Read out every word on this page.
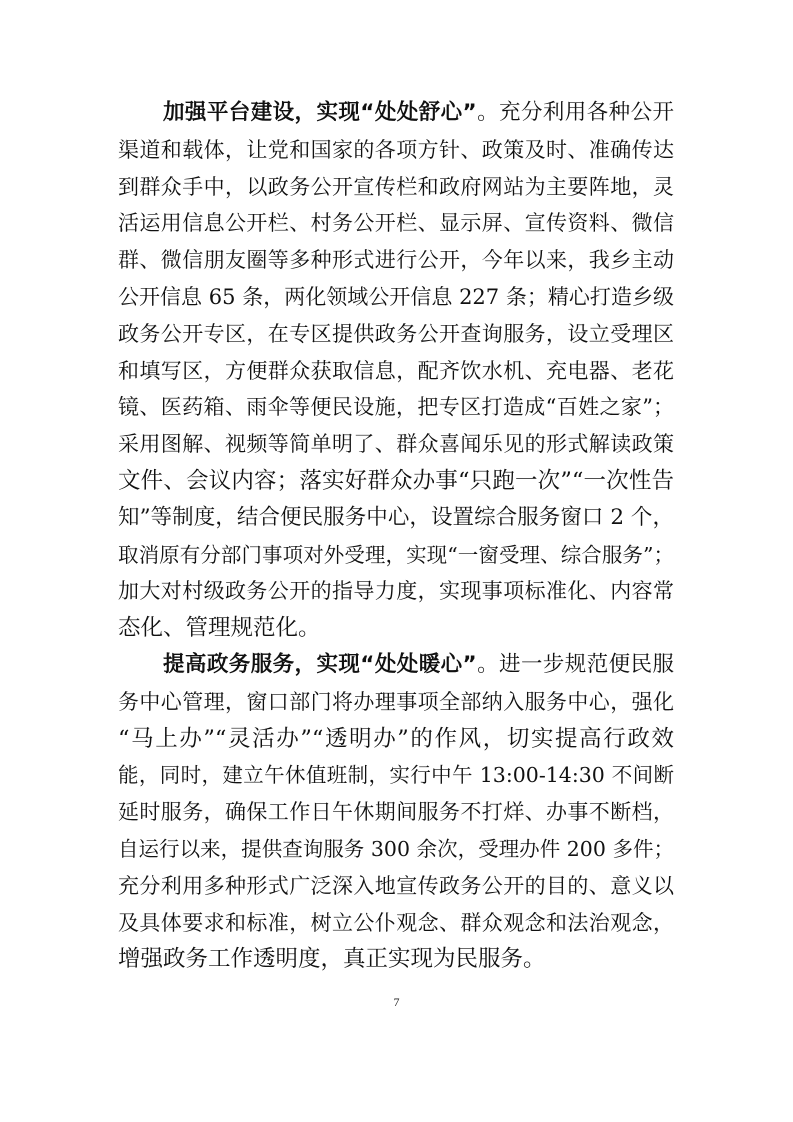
加强平台建设，实现“处处舒心”。充分利用各种公开
渠道和载体，让党和国家的各项方针、政策及时、准确传达
到群众手中，以政务公开宣传栏和政府网站为主要阵地，灵
活运用信息公开栏、村务公开栏、显示屏、宣传资料、微信
群、微信朋友圈等多种形式进行公开，今年以来，我乡主动
公开信息 65 条，两化领域公开信息 227 条；精心打造乡级
政务公开专区，在专区提供政务公开查询服务，设立受理区
和填写区，方便群众获取信息，配齐饮水机、充电器、老花
镜、医药箱、雨伞等便民设施，把专区打造成“百姓之家”；
采用图解、视频等简单明了、群众喜闻乐见的形式解读政策
文件、会议内容；落实好群众办事“只跑一次”“一次性告
知”等制度，结合便民服务中心，设置综合服务窗口 2 个，
取消原有分部门事项对外受理，实现“一窗受理、综合服务”；
加大对村级政务公开的指导力度，实现事项标准化、内容常
态化、管理规范化。
提高政务服务，实现“处处暖心”。进一步规范便民服
务中心管理，窗口部门将办理事项全部纳入服务中心，强化
“马上办”“灵活办”“透明办”的作风，切实提高行政效
能，同时，建立午休值班制，实行中午 13:00-14:30 不间断
延时服务，确保工作日午休期间服务不打烊、办事不断档，
自运行以来，提供查询服务 300 余次，受理办件 200 多件；
充分利用多种形式广泛深入地宣传政务公开的目的、意义以
及具体要求和标准，树立公仆观念、群众观念和法治观念，
增强政务工作透明度，真正实现为民服务。
7
